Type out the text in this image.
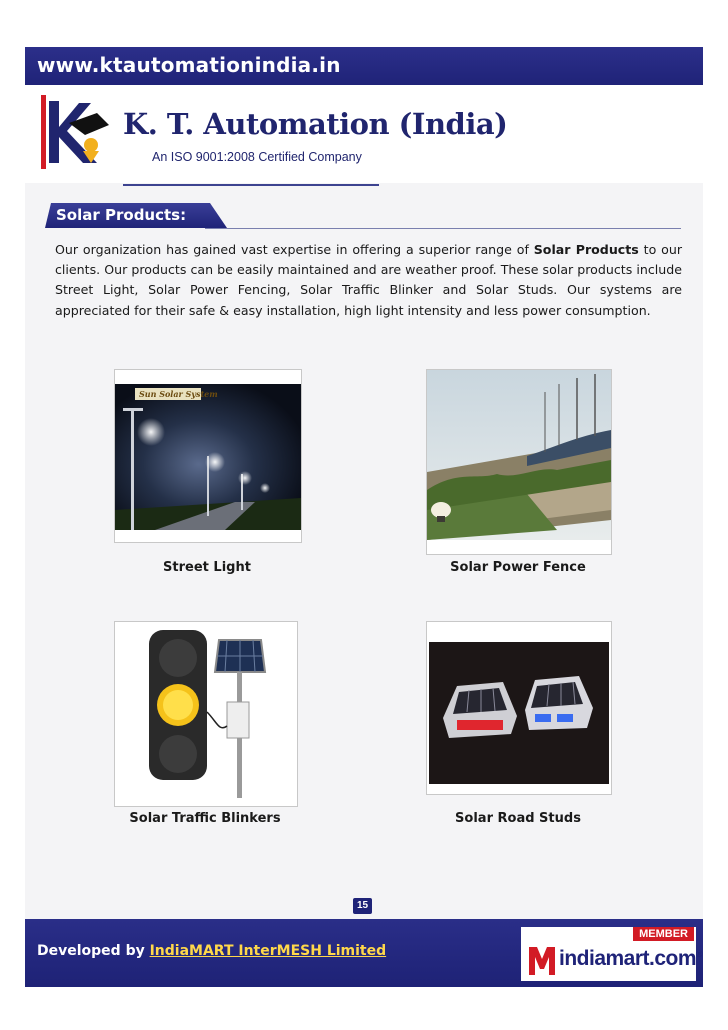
www.ktautomationindia.in
K. T. Automation (India)
An ISO 9001:2008 Certified Company
Solar Products:
Our organization has gained vast expertise in offering a superior range of Solar Products to our clients. Our products can be easily maintained and are weather proof. These solar products include Street Light, Solar Power Fencing, Solar Traffic Blinker and Solar Studs. Our systems are appreciated for their safe & easy installation, high light intensity and less power consumption.
Sun Solar System
Street Light	Solar Power Fence
Solar Traffic Blinkers	Solar Road Studs
15
Developed by IndiaMART InterMESH Limited
MEMBER
indiamart.com®
